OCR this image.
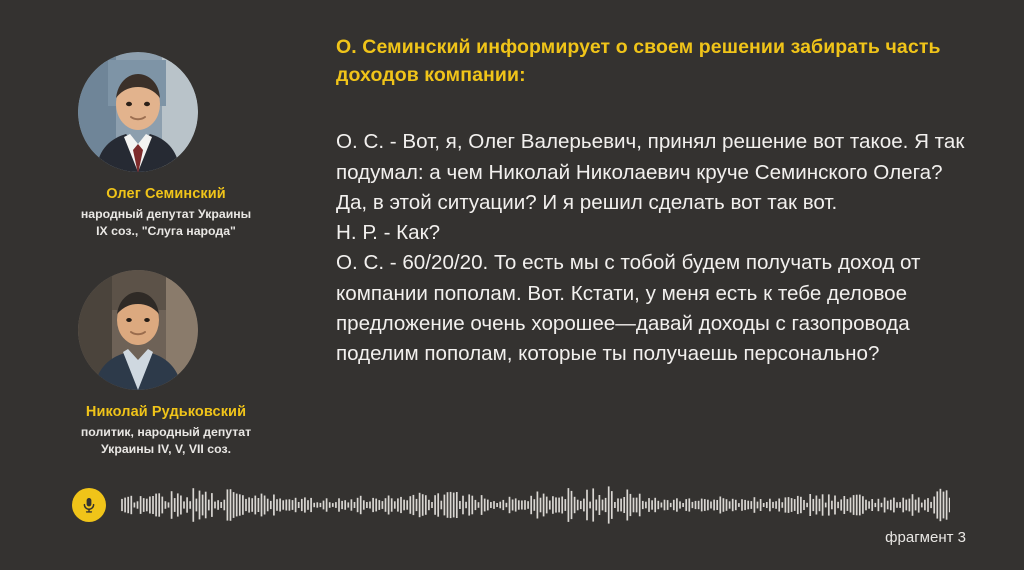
Олег Семинский
народный депутат Украины
IX соз., "Слуга народа"
Николай Рудьковский
политик, народный депутат
Украины IV, V, VII соз.
О. Семинский информирует о своем решении забирать часть доходов компании:

О. С. - Вот, я, Олег Валерьевич, принял решение вот такое. Я так подумал: а чем Николай Николаевич круче Семинского Олега? Да, в этой ситуации? И я решил сделать вот так вот.

Н. Р. - Как?

О. С. - 60/20/20. То есть мы с тобой будем получать доход от компании пополам. Вот. Кстати, у меня есть к тебе деловое предложение очень хорошее—давай доходы с газопровода поделим пополам, которые ты получаешь персонально?

фрагмент 3
